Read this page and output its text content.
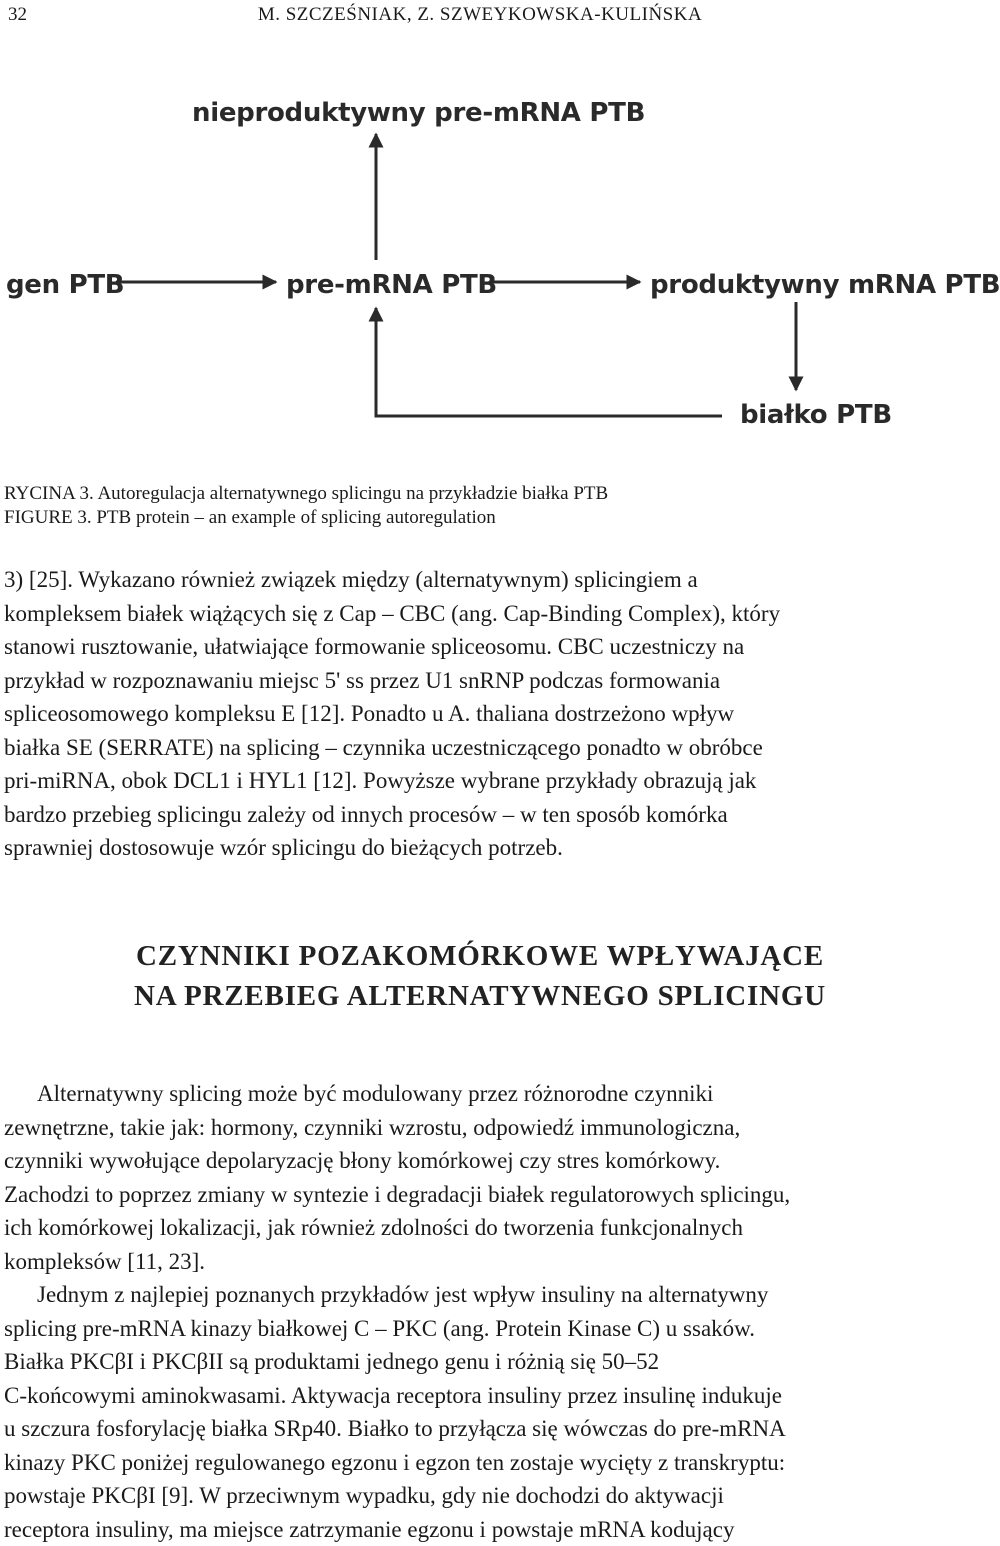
32	M. SZCZEŚNIAK, Z. SZWEYKOWSKA-KULIŃSKA
nieproduktywny pre-mRNA PTB
gen PTB	pre-mRNA PTB	produktywny mRNA PTB
białko PTB
RYCINA 3. Autoregulacja alternatywnego splicingu na przykładzie białka PTB
FIGURE 3. PTB protein – an example of splicing autoregulation

3) [25]. Wykazano również związek między (alternatywnym) splicingiem a

kompleksem białek wiążących się z Cap – CBC (ang. Cap-Binding Complex), który

stanowi rusztowanie, ułatwiające formowanie spliceosomu. CBC uczestniczy na

przykład w rozpoznawaniu miejsc 5' ss przez U1 snRNP podczas formowania

spliceosomowego kompleksu E [12]. Ponadto u A. thaliana dostrzeżono wpływ

białka SE (SERRATE) na splicing – czynnika uczestniczącego ponadto w obróbce

pri-miRNA, obok DCL1 i HYL1 [12]. Powyższe wybrane przykłady obrazują jak

bardzo przebieg splicingu zależy od innych procesów – w ten sposób komórka

sprawniej dostosowuje wzór splicingu do bieżących potrzeb.

CZYNNIKI POZAKOMÓRKOWE WPŁYWAJĄCE
NA PRZEBIEG ALTERNATYWNEGO SPLICINGU

Alternatywny splicing może być modulowany przez różnorodne czynniki

zewnętrzne, takie jak: hormony, czynniki wzrostu, odpowiedź immunologiczna,

czynniki wywołujące depolaryzację błony komórkowej czy stres komórkowy.

Zachodzi to poprzez zmiany w syntezie i degradacji białek regulatorowych splicingu,

ich komórkowej lokalizacji, jak również zdolności do tworzenia funkcjonalnych

kompleksów [11, 23].

Jednym z najlepiej poznanych przykładów jest wpływ insuliny na alternatywny

splicing pre-mRNA kinazy białkowej C – PKC (ang. Protein Kinase C) u ssaków.

Białka PKCβI i PKCβII są produktami jednego genu i różnią się 50–52

C-końcowymi aminokwasami. Aktywacja receptora insuliny przez insulinę indukuje

u szczura fosforylację białka SRp40. Białko to przyłącza się wówczas do pre-mRNA

kinazy PKC poniżej regulowanego egzonu i egzon ten zostaje wycięty z transkryptu:

powstaje PKCβI [9]. W przeciwnym wypadku, gdy nie dochodzi do aktywacji

receptora insuliny, ma miejsce zatrzymanie egzonu i powstaje mRNA kodujący
